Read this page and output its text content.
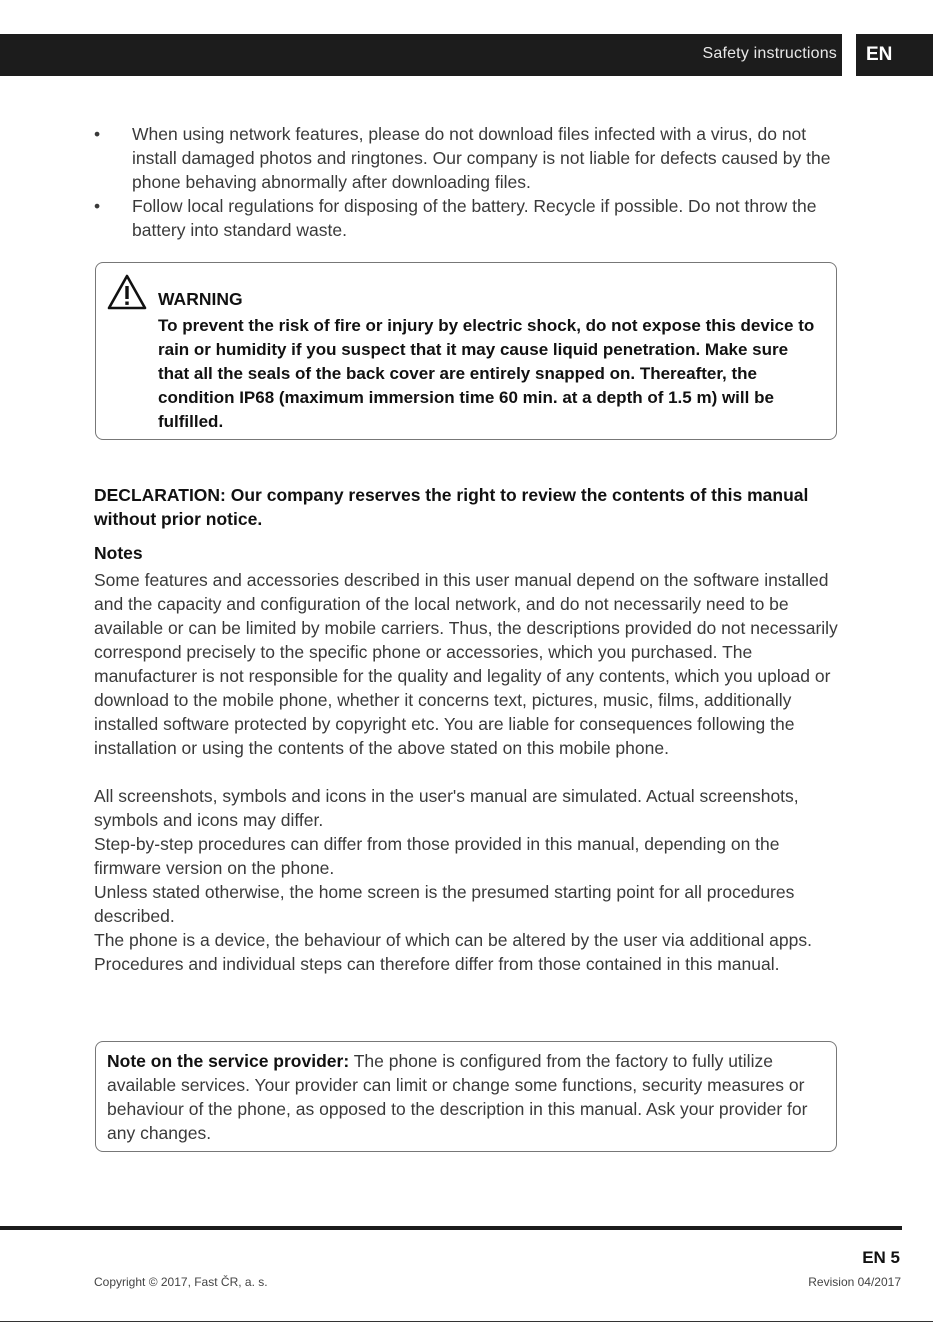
Safety instructions EN
• When using network features, please do not download files infected with a virus, do not install damaged photos and ringtones. Our company is not liable for defects caused by the phone behaving abnormally after downloading files.
• Follow local regulations for disposing of the battery. Recycle if possible. Do not throw the battery into standard waste.
WARNING
To prevent the risk of fire or injury by electric shock, do not expose this device to rain or humidity if you suspect that it may cause liquid penetration. Make sure that all the seals of the back cover are entirely snapped on. Thereafter, the condition IP68 (maximum immersion time 60 min. at a depth of 1.5 m) will be fulfilled.
DECLARATION: Our company reserves the right to review the contents of this manual without prior notice.
Notes

Some features and accessories described in this user manual depend on the software installed and the capacity and configuration of the local network, and do not necessarily need to be available or can be limited by mobile carriers. Thus, the descriptions provided do not necessarily correspond precisely to the specific phone or accessories, which you purchased. The manufacturer is not responsible for the quality and legality of any contents, which you upload or download to the mobile phone, whether it concerns text, pictures, music, films, additionally installed software protected by copyright etc. You are liable for consequences following the installation or using the contents of the above stated on this mobile phone.

All screenshots, symbols and icons in the user's manual are simulated. Actual screenshots, symbols and icons may differ.

Step-by-step procedures can differ from those provided in this manual, depending on the firmware version on the phone.

Unless stated otherwise, the home screen is the presumed starting point for all procedures described.

The phone is a device, the behaviour of which can be altered by the user via additional apps. Procedures and individual steps can therefore differ from those contained in this manual.

Note on the service provider: The phone is configured from the factory to fully utilize available services. Your provider can limit or change some functions, security measures or behaviour of the phone, as opposed to the description in this manual. Ask your provider for any changes.
EN 5
Copyright © 2017, Fast ČR, a. s.	Revision 04/2017
